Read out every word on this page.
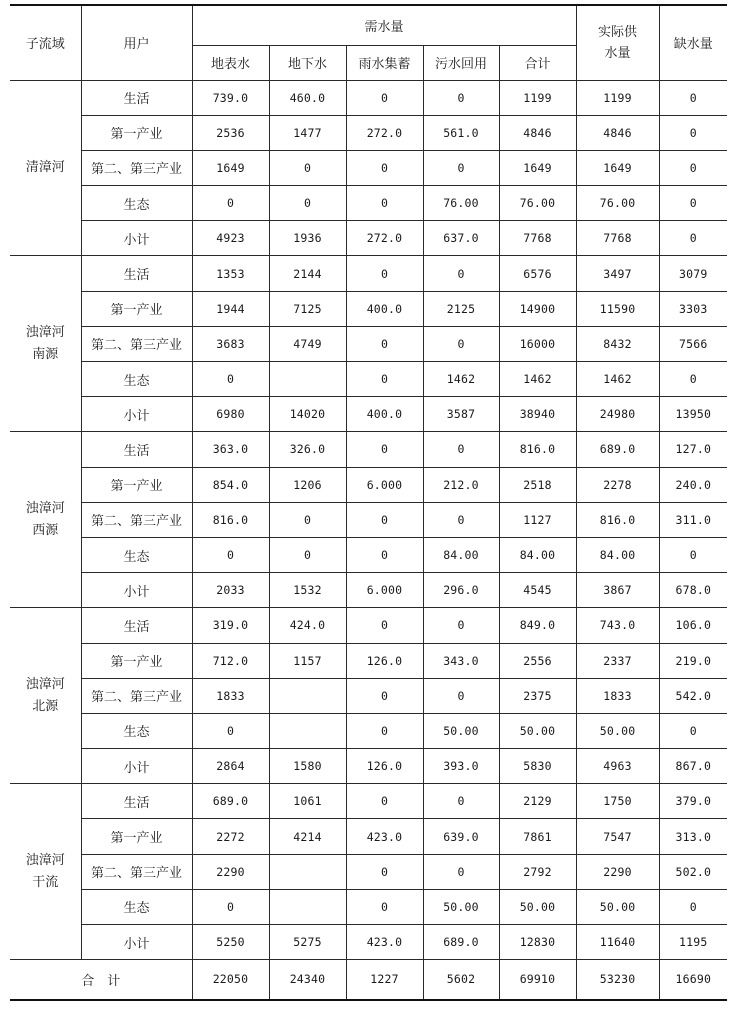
子流域	用户	需水量					实际供水量	缺水量
		地表水	地下水	雨水集蓄	污水回用	合计		
清漳河	生活	739.0	460.0	0	0	1199	1199	0
	第一产业	2536	1477	272.0	561.0	4846	4846	0
	第二、第三产业	1649	0	0	0	1649	1649	0
	生态	0	0	0	76.00	76.00	76.00	0
	小计	4923	1936	272.0	637.0	7768	7768	0
浊漳河南源	生活	1353	2144	0	0	6576	3497	3079
	第一产业	1944	7125	400.0	2125	14900	11590	3303
	第二、第三产业	3683	4749	0	0	16000	8432	7566
	生态	0		0	1462	1462	1462	0
	小计	6980	14020	400.0	3587	38940	24980	13950
浊漳河西源	生活	363.0	326.0	0	0	816.0	689.0	127.0
	第一产业	854.0	1206	6.000	212.0	2518	2278	240.0
	第二、第三产业	816.0	0	0	0	1127	816.0	311.0
	生态	0	0	0	84.00	84.00	84.00	0
	小计	2033	1532	6.000	296.0	4545	3867	678.0
浊漳河北源	生活	319.0	424.0	0	0	849.0	743.0	106.0
	第一产业	712.0	1157	126.0	343.0	2556	2337	219.0
	第二、第三产业	1833		0	0	2375	1833	542.0
	生态	0		0	50.00	50.00	50.00	0
	小计	2864	1580	126.0	393.0	5830	4963	867.0
浊漳河干流	生活	689.0	1061	0	0	2129	1750	379.0
	第一产业	2272	4214	423.0	639.0	7861	7547	313.0
	第二、第三产业	2290		0	0	2792	2290	502.0
	生态	0		0	50.00	50.00	50.00	0
	小计	5250	5275	423.0	689.0	12830	11640	1195
合　计		22050	24340	1227	5602	69910	53230	16690
